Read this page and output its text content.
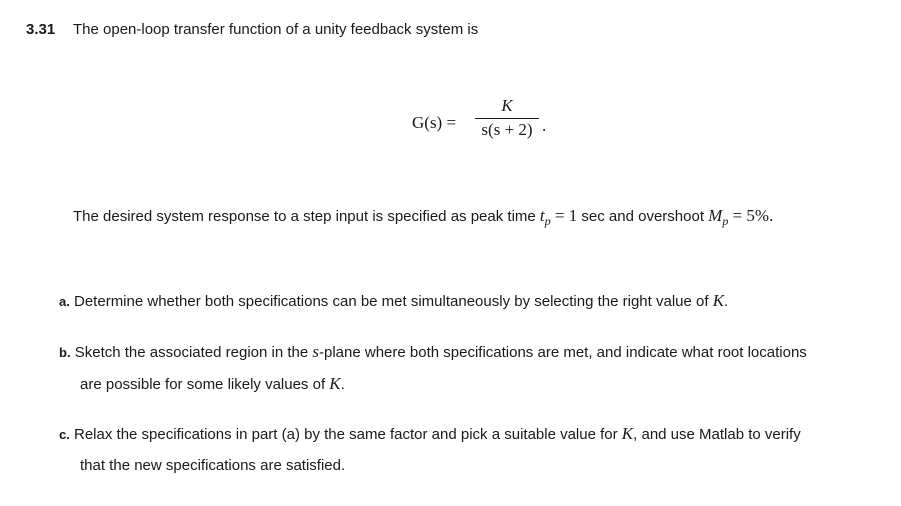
3.31 The open-loop transfer function of a unity feedback system is
G(s) =
K
s(s + 2) .
The desired system response to a step input is specified as peak time $t_p = 1$ sec and overshoot $M_p = 5\%$.
a. Determine whether both specifications can be met simultaneously by selecting the right value of K.
b. Sketch the associated region in the s-plane where both specifications are met, and indicate what root locations
are possible for some likely values of K.
c. Relax the specifications in part (a) by the same factor and pick a suitable value for K, and use Matlab to verify
that the new specifications are satisfied.
